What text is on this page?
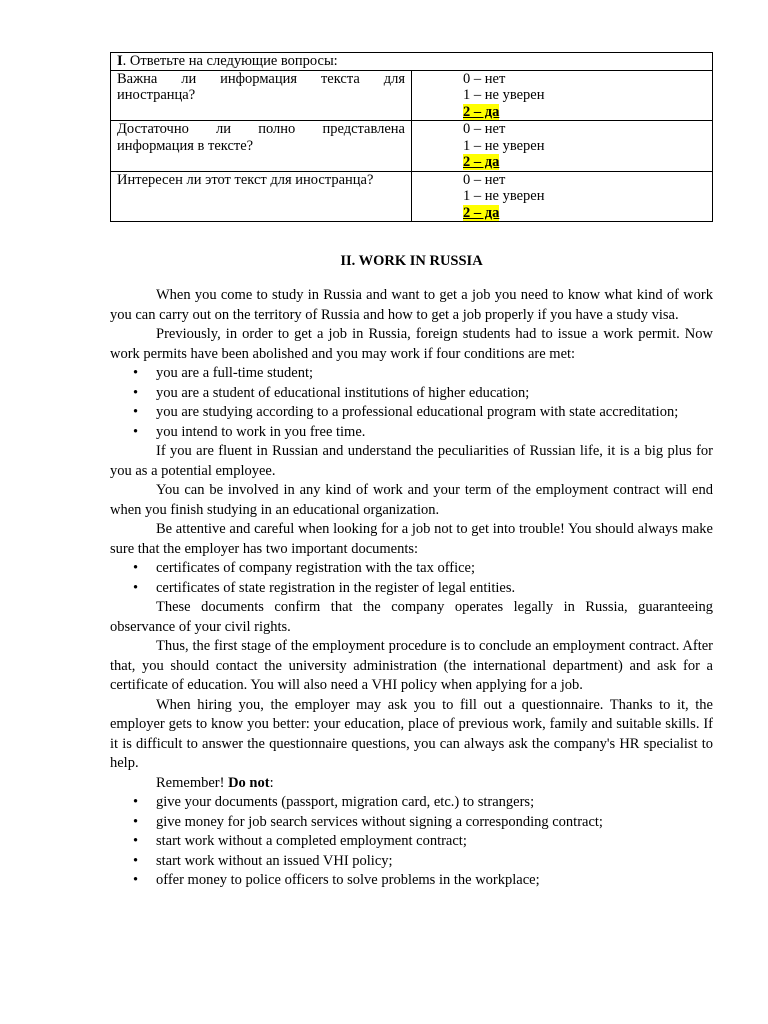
I. Ответьте на следующие вопросы:	
Важна ли информация текста для иностранца?	0 – нет
1 – не уверен
2 – да

Достаточно ли полно представлена информация в тексте?	0 – нет
1 – не уверен
2 – да

Интересен ли этот текст для иностранца?	0 – нет
1 – не уверен
2 – да
II. WORK IN RUSSIA

When you come to study in Russia and want to get a job you need to know what kind of work you can carry out on the territory of Russia and how to get a job properly if you have a study visa.

Previously, in order to get a job in Russia, foreign students had to issue a work permit. Now work permits have been abolished and you may work if four conditions are met:

• you are a full-time student;
• you are a student of educational institutions of higher education;
• you are studying according to a professional educational program with state accreditation;
• you intend to work in you free time.

If you are fluent in Russian and understand the peculiarities of Russian life, it is a big plus for you as a potential employee.

You can be involved in any kind of work and your term of the employment contract will end when you finish studying in an educational organization.

Be attentive and careful when looking for a job not to get into trouble! You should always make sure that the employer has two important documents:

• certificates of company registration with the tax office;
• certificates of state registration in the register of legal entities.

These documents confirm that the company operates legally in Russia, guaranteeing observance of your civil rights.

Thus, the first stage of the employment procedure is to conclude an employment contract. After that, you should contact the university administration (the international department) and ask for a certificate of education. You will also need a VHI policy when applying for a job.

When hiring you, the employer may ask you to fill out a questionnaire. Thanks to it, the employer gets to know you better: your education, place of previous work, family and suitable skills. If it is difficult to answer the questionnaire questions, you can always ask the company's HR specialist to help.

Remember! Do not:

• give your documents (passport, migration card, etc.) to strangers;
• give money for job search services without signing a corresponding contract;
• start work without a completed employment contract;
• start work without an issued VHI policy;
• offer money to police officers to solve problems in the workplace;
